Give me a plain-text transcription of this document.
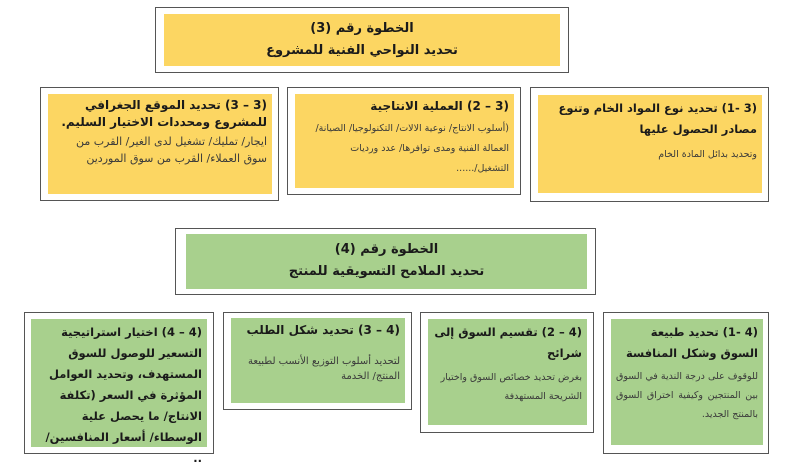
الخطوة رقم (3)
تحديد النواحي الفنية للمشروع
(3 -1) تحديد نوع المواد الخام وتنوع مصادر الحصول عليها
وتحديد بدائل المادة الخام
(3 – 2) العملية الانتاجية
(أسلوب الانتاج/ نوعية الالات/ التكنولوجيا/ الصيانة/ العمالة الفنية ومدى توافرها/ عدد ورديات التشغيل/......
(3 – 3) تحديد الموقع الجغرافي للمشروع ومحددات الاختيار السليم.
ايجار/ تمليك/ تشغيل لدى الغير/ القرب من سوق العملاء/ القرب من سوق الموردين
الخطوة رقم (4)
تحديد الملامح التسويقية للمنتج
(4 -1) تحديد طبيعة السوق وشكل المنافسة
للوقوف على درجة الندية في السوق بين المنتجين وكيفية اختراق السوق بالمنتج الجديد.
(4 – 2) تقسيم السوق إلى شرائح
بغرض تحديد خصائص السوق واختيار الشريحة المستهدفة
(4 – 3) تحديد شكل الطلب
لتحديد أسلوب التوزيع الأنسب لطبيعة المنتج/ الخدمة
(4 – 4) اختيار استراتيجية التسعير للوصول للسوق المستهدف، وتحديد العوامل المؤثرة في السعر (تكلفة الانتاج/ ما يحصل علية الوسطاء/ أسعار المنافسين/ ..
